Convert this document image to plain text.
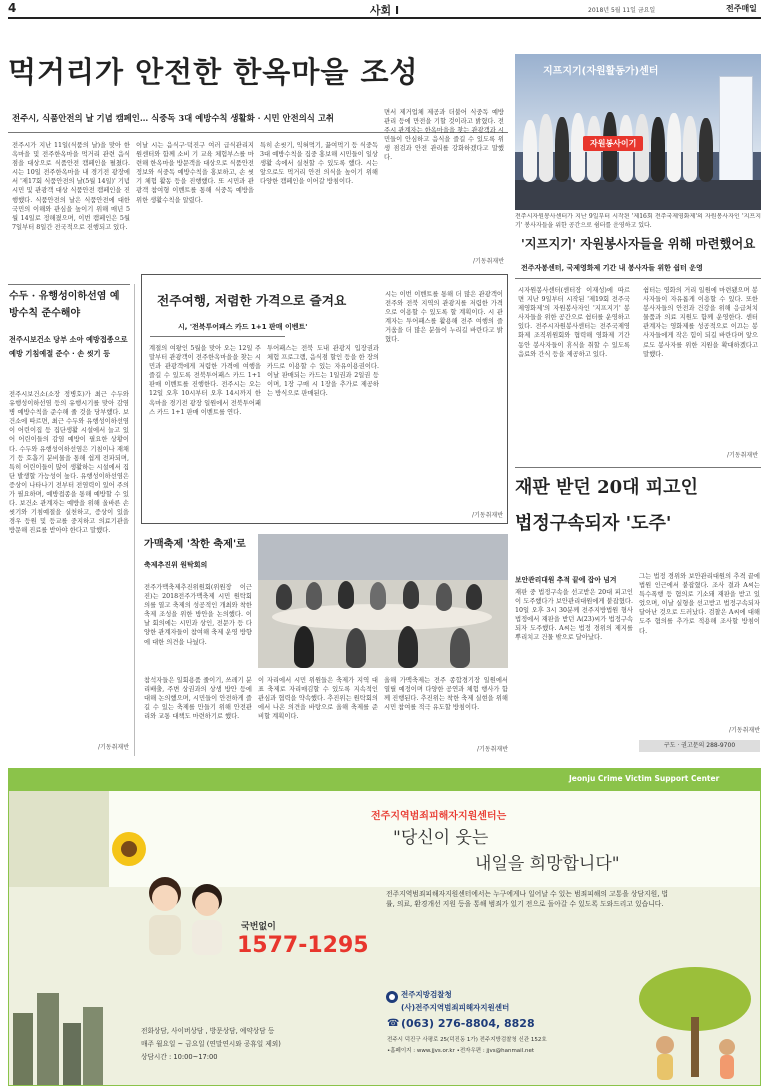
4	사회 I	2018년 5월 11일 금요일	전주매일
먹거리가 안전한 한옥마을 조성
전주시, 식품안전의 날 기념 캠페인… 식중독 3대 예방수칙 생활화 · 시민 안전의식 고취
전주시가 지난 11일(식품의 날)을 맞아 한옥마을 및 전주한옥마을 먹거리 관련 음식점을 대상으로 식품안전 캠페인을 펼쳤다. 시는 10일 전주한옥마을 내 경기전 광장에서 '제17회 식품안전의 날(5월 14일)' 기념 시민 및 관광객 대상 식품안전 캠페인을 진행했다. 식품안전의 날은 식품안전에 대한 국민의 이해와 관심을 높이기 위해 매년 5월 14일로 정해졌으며, 이번 캠페인은 5월 7일부터 8일간 전국적으로 진행되고 있다.
이날 시는 음식구·덕진구 여러 급식관리지원센터와 함께 소비 기 교육 체험부스를 마련해 한옥마을 방문객을 대상으로 식품안전 정보와 식중독 예방수칙을 홍보하고, 손 씻기 체험 활동 등을 진행했다. 또 시민과 관광객 참여형 이벤트를 통해 식중독 예방을 위한 생활수칙을 알렸다.
특히 손씻기, 익혀먹기, 끓여먹기 등 식중독 3대 예방수칙을 집중 홍보해 시민들이 일상생활 속에서 실천할 수 있도록 했다. 시는 앞으로도 먹거리 안전 의식을 높이기 위해 다양한 캠페인을 이어갈 방침이다.
면서 제거업체 제공과 더불어 식중독 예방 관리 등에 만전을 기할 것이라고 밝혔다. 전주시 관계자는 한옥마을을 찾는 관광객과 시민들이 안심하고 음식을 즐길 수 있도록 위생 점검과 안전 관리를 강화하겠다고 말했다.
/기동취재반
지프지기(자원활동가)센터
자원봉사이기
전주시자원봉사센터가 지난 9일부터 시작된 '제16회 전주국제영화제'의 자원봉사자인 '지프지기' 봉사자들을 위한 공간으로 쉼터를 운영하고 있다.
'지프지기' 자원봉사자들을 위해 마련했어요
전주자봉센터, 국제영화제 기간 내 봉사자들 위한 쉼터 운영
시자원봉사센터(센터장 이재성)에 따르면 지난 9일부터 시작된 '제19회 전주국제영화제'의 자원봉사자인 '지프지기' 봉사자들을 위한 공간으로 쉼터를 운영하고 있다. 전주시자원봉사센터는 전주국제영화제 조직위원회와 협력해 영화제 기간 동안 봉사자들이 휴식을 취할 수 있도록 음료와 간식 등을 제공하고 있다.
쉼터는 영화의 거리 일원에 마련됐으며 봉사자들이 자유롭게 이용할 수 있다. 또한 봉사자들의 안전과 건강을 위해 응급처치 물품과 의료 지원도 함께 운영한다. 센터 관계자는 영화제를 성공적으로 이끄는 봉사자들에게 작은 힘이 되길 바란다며 앞으로도 봉사자를 위한 지원을 확대하겠다고 말했다.
/기동취재반
수두 · 유행성이하선염 예방수칙 준수해야
전주시보건소 당부 소아 예방접종으로 예방 기침예절 준수 · 손 씻기 등
전주시보건소(소장 정병호)가 최근 수두와 유행성이하선염 등의 유행시기를 맞아 감염병 예방수칙을 준수해 줄 것을 당부했다. 보건소에 따르면, 최근 수두와 유행성이하선염이 어린이집 등 집단생활 시설에서 늘고 있어 어린이들의 감염 예방이 필요한 상황이다. 수두와 유행성이하선염은 기침이나 재채기 등 호흡기 분비물을 통해 쉽게 전파되며, 특히 어린이들이 많이 생활하는 시설에서 집단 발생할 가능성이 높다. 유행성이하선염은 증상이 나타나기 전부터 전염력이 있어 주의가 필요하며, 예방접종을 통해 예방할 수 있다. 보건소 관계자는 예방을 위해 올바른 손 씻기와 기침예절을 실천하고, 증상이 있을 경우 등원 및 등교를 중지하고 의료기관을 방문해 진료를 받아야 한다고 말했다.
/기동취재반
전주여행, 저렴한 가격으로 즐겨요
시, '전북투어패스 카드 1+1 판매 이벤트'
계절의 여왕인 5월을 맞아 오는 12일 주말부터 관광객이 전주한옥마을을 찾는 시민과 관광객에게 저렴한 가격에 여행을 즐길 수 있도록 전북투어패스 카드 1+1 판매 이벤트를 진행한다. 전주시는 오는 12일 오후 10시부터 오후 14시까지 한옥마을 경기전 광장 일원에서 전북투어패스 카드 1+1 판매 이벤트를 연다.
투어패스는 전북 도내 관광지 입장권과 체험 프로그램, 음식점 할인 등을 한 장의 카드로 이용할 수 있는 자유이용권이다. 이날 판매되는 카드는 1일권과 2일권 등이며, 1장 구매 시 1장을 추가로 제공하는 방식으로 판매된다.
시는 이번 이벤트를 통해 더 많은 관광객이 전주와 전북 지역의 관광지를 저렴한 가격으로 이용할 수 있도록 할 계획이다. 시 관계자는 투어패스를 활용해 전주 여행의 즐거움을 더 많은 분들이 누리길 바란다고 밝혔다.
/기동취재반
가맥축제 '착한 축제'로
축제추진위 원탁회의
전주가맥축제추진위원회(위원장 이근진)는 2018전주가맥축제 시민 원탁회의를 열고 축제의 성공적인 개최와 착한 축제 조성을 위한 방안을 논의했다. 이날 회의에는 시민과 상인, 전문가 등 다양한 관계자들이 참여해 축제 운영 방향에 대한 의견을 나눴다.
참석자들은 일회용품 줄이기, 쓰레기 분리배출, 주변 상권과의 상생 방안 등에 대해 논의했으며, 시민들이 안전하게 즐길 수 있는 축제를 만들기 위해 안전관리와 교통 대책도 마련하기로 했다.
이 자리에서 시민 위원들은 축제가 지역 대표 축제로 자리매김할 수 있도록 지속적인 관심과 협력을 약속했다. 추진위는 원탁회의에서 나온 의견을 바탕으로 올해 축제를 준비할 계획이다.
올해 가맥축제는 전주 종합경기장 일원에서 열릴 예정이며 다양한 공연과 체험 행사가 함께 진행된다. 추진위는 착한 축제 실현을 위해 시민 참여를 적극 유도할 방침이다.
/기동취재반
재판 받던 20대 피고인
법정구속되자 '도주'
보안관리대원 추적 끝에 잡아 넘겨
재판 중 법정구속을 선고받은 20대 피고인이 도주했다가 보안관리대원에게 붙잡혔다. 10일 오후 3시 30분께 전주지방법원 형사법정에서 재판을 받던 A(23)씨가 법정구속되자 도주했다. A씨는 법정 경위의 제지를 뿌리치고 건물 밖으로 달아났다.
그는 법정 경위와 보안관리대원의 추격 끝에 법원 인근에서 붙잡혔다. 조사 결과 A씨는 특수폭행 등 혐의로 기소돼 재판을 받고 있었으며, 이날 실형을 선고받고 법정구속되자 달아난 것으로 드러났다. 검찰은 A씨에 대해 도주 혐의를 추가로 적용해 조사할 방침이다.
/기동취재반
구도 · 권고문의 288-9700
Jeonju Crime Victim Support Center
전주지역범죄피해자지원센터는
"당신이 웃는
내일을 희망합니다"
전주지역범죄피해자지원센터에서는 누구에게나 일어날 수 있는 범죄피해의 고통을 상담지원, 법률, 의료, 환경개선 지원 등을 통해 범죄가 있기 전으로 돌아갈 수 있도록 도와드리고 있습니다.
국번없이
1577-1295
전화상담, 사이버상담 , 방문상담, 예약상담 등
매주 월요일 ~ 금요일 (연말연시와 공휴일 제외)
상담시간 : 10:00~17:00
전주지방검찰청
(사)전주지역범죄피해자지원센터
☎ (063) 276-8804, 8828
전주시 덕진구 사평로 25(덕진동 1가) 전주지방검찰청 신관 152호
•홈페이지 : www.jjvs.or.kr •전자우편 : jjvs@hanmail.net
